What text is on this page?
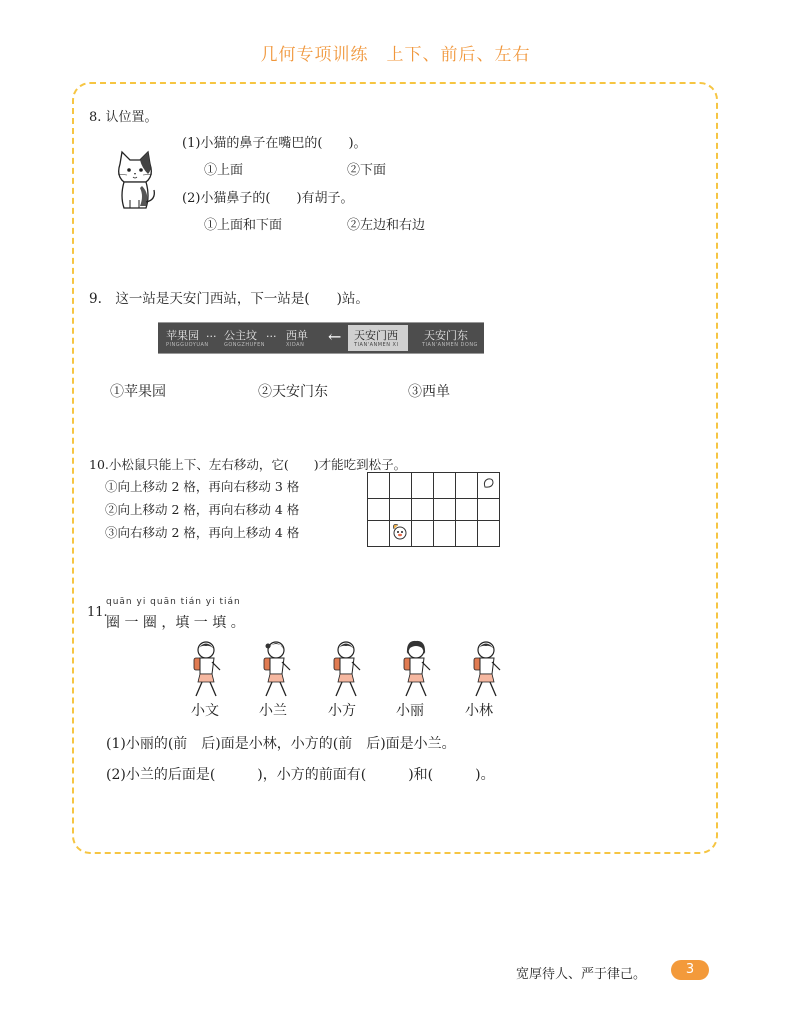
几何专项训练　上下、前后、左右
8. 认位置。
(1)小猫的鼻子在嘴巴的(　　)。
①上面	②下面
(2)小猫鼻子的(　　)有胡子。
①上面和下面	②左边和右边
9.　这一站是天安门西站，下一站是(　　)站。
苹果园 ... 公主坟 ... 西单 ← 天安门西 天安门东
PINGGUOYUAN	GONGZHUFEN	XIDAN	TIAN'ANMEN XI	TIAN'ANMEN DONG
①苹果园	②天安门东	③西单
10.小松鼠只能上下、左右移动，它(　　)才能吃到松子。
①向上移动 2 格，再向右移动 3 格
②向上移动 2 格，再向右移动 4 格
③向右移动 2 格，再向上移动 4 格

11.
quān yi quān tián yi tián
圈 一 圈 ，填 一 填 。
小文	小兰	小方	小丽	小林
(1)小丽的(前　后)面是小林，小方的(前　后)面是小兰。
(2)小兰的后面是(　　　)，小方的前面有(　　　)和(　　　)。
宽厚待人、严于律己。	3
